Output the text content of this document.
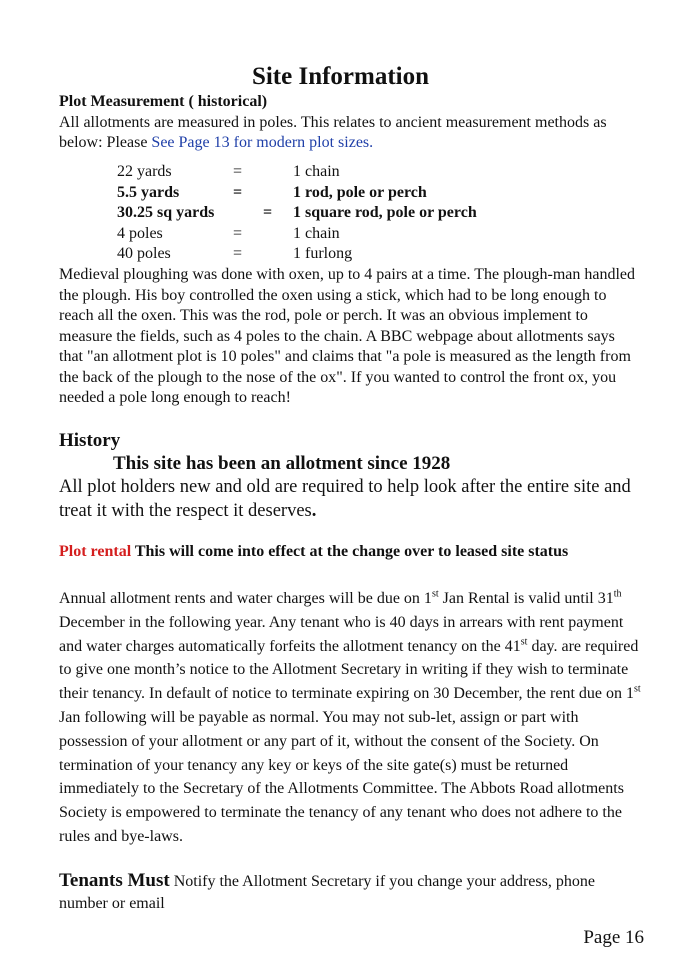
Site Information
Plot Measurement ( historical)
All allotments are measured in poles. This relates to ancient measurement methods as below: Please See Page 13 for modern plot sizes.
22 yards	=	1 chain
5.5 yards	=	1 rod, pole or perch
30.25 sq yards	=	1 square rod, pole or perch
4 poles	=	1 chain
40 poles	=	1 furlong
Medieval ploughing was done with oxen, up to 4 pairs at a time. The plough-man handled the plough. His boy controlled the oxen using a stick, which had to be long enough to reach all the oxen. This was the rod, pole or perch. It was an obvious implement to measure the fields, such as 4 poles to the chain. A BBC webpage about allotments says that "an allotment plot is 10 poles" and claims that "a pole is measured as the length from the back of the plough to the nose of the ox". If you wanted to control the front ox, you needed a pole long enough to reach!
History
This site has been an allotment since 1928
All plot holders new and old are required to help look after the entire site and treat it with the respect it deserves.
Plot rental This will come into effect at the change over to leased site status
Annual allotment rents and water charges will be due on 1st Jan Rental is valid until 31th December in the following year. Any tenant who is 40 days in arrears with rent payment and water charges automatically forfeits the allotment tenancy on the 41st day. are required to give one month’s notice to the Allotment Secretary in writing if they wish to terminate their tenancy. In default of notice to terminate expiring on 30 December, the rent due on 1st Jan following will be payable as normal. You may not sub-let, assign or part with possession of your allotment or any part of it, without the consent of the Society. On termination of your tenancy any key or keys of the site gate(s) must be returned immediately to the Secretary of the Allotments Committee. The Abbots Road allotments Society is empowered to terminate the tenancy of any tenant who does not adhere to the rules and bye-laws.
Tenants Must Notify the Allotment Secretary if you change your address, phone number or email
Page 16
